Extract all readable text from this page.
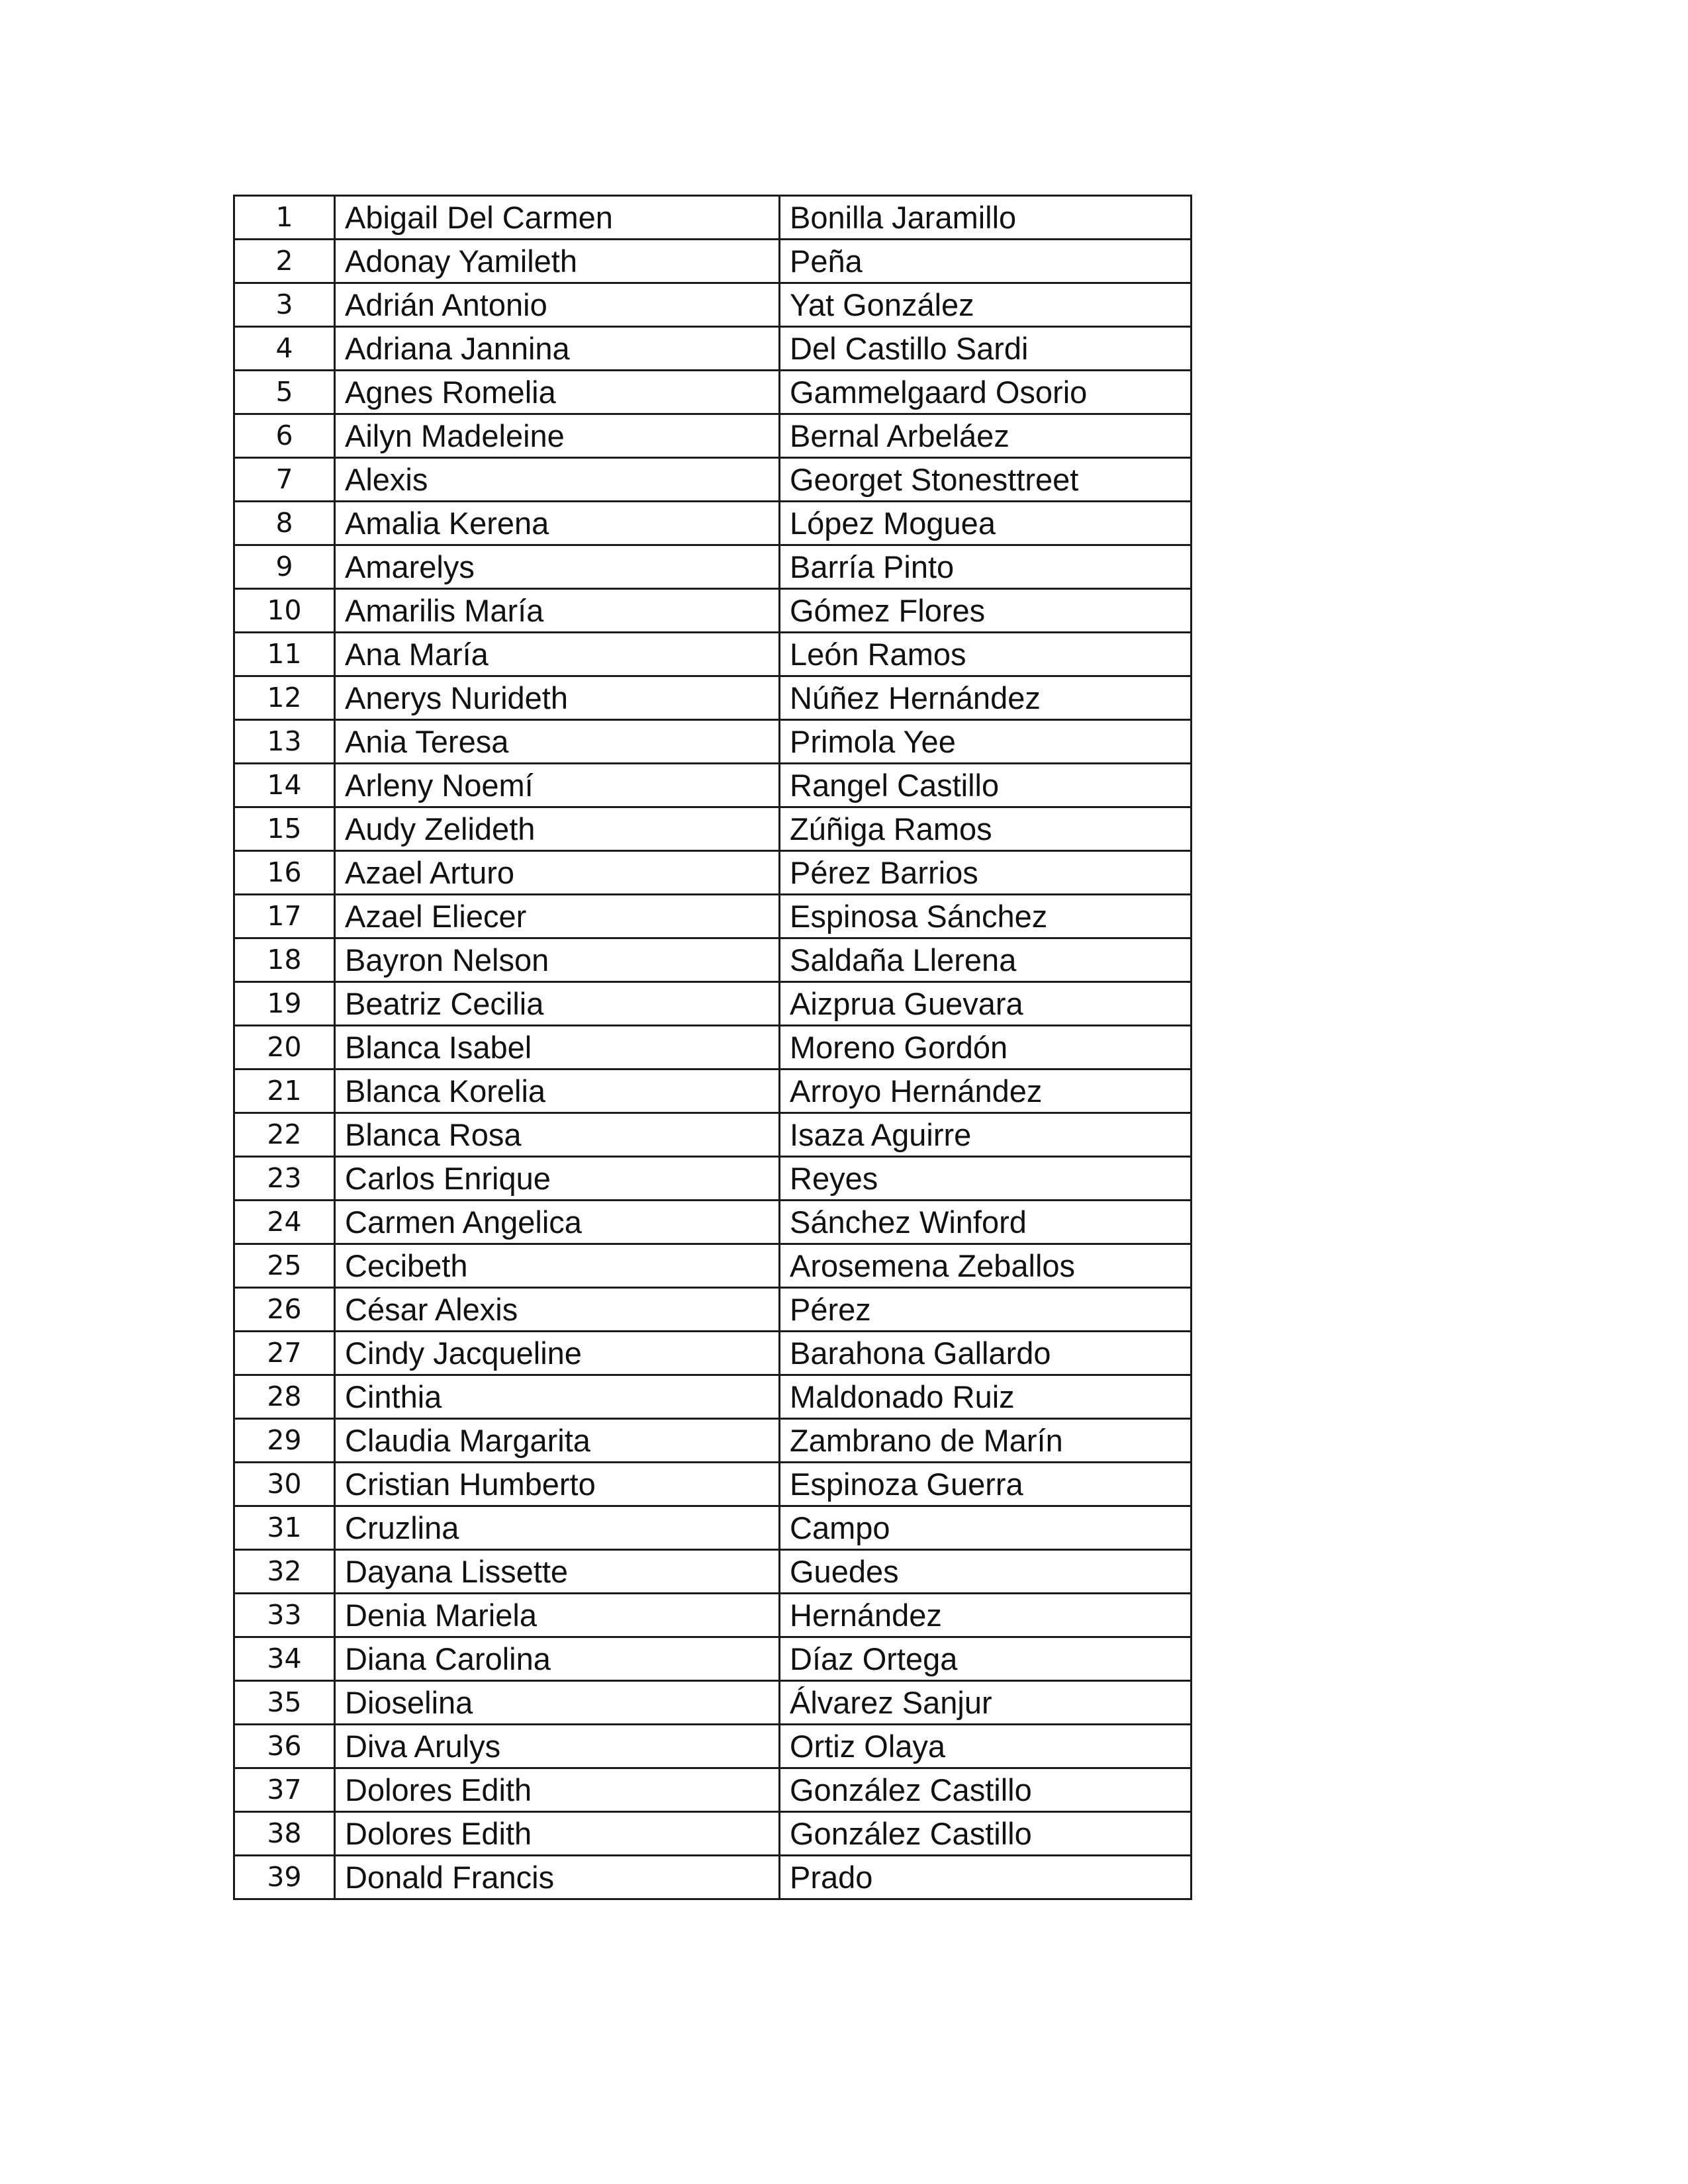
1	Abigail Del Carmen	Bonilla Jaramillo
2	Adonay Yamileth	Peña
3	Adrián Antonio	Yat González
4	Adriana Jannina	Del Castillo Sardi
5	Agnes Romelia	Gammelgaard Osorio
6	Ailyn Madeleine	Bernal Arbeláez
7	Alexis	Georget Stonesttreet
8	Amalia Kerena	López Moguea
9	Amarelys	Barría Pinto
10	Amarilis María	Gómez Flores
11	Ana María	León Ramos
12	Anerys Nurideth	Núñez Hernández
13	Ania Teresa	Primola Yee
14	Arleny Noemí	Rangel Castillo
15	Audy Zelideth	Zúñiga Ramos
16	Azael Arturo	Pérez Barrios
17	Azael Eliecer	Espinosa Sánchez
18	Bayron Nelson	Saldaña Llerena
19	Beatriz Cecilia	Aizprua Guevara
20	Blanca Isabel	Moreno Gordón
21	Blanca Korelia	Arroyo Hernández
22	Blanca Rosa	Isaza Aguirre
23	Carlos Enrique	Reyes
24	Carmen Angelica	Sánchez Winford
25	Cecibeth	Arosemena Zeballos
26	César Alexis	Pérez
27	Cindy Jacqueline	Barahona Gallardo
28	Cinthia	Maldonado Ruiz
29	Claudia Margarita	Zambrano de Marín
30	Cristian Humberto	Espinoza Guerra
31	Cruzlina	Campo
32	Dayana Lissette	Guedes
33	Denia Mariela	Hernández
34	Diana Carolina	Díaz Ortega
35	Dioselina	Álvarez Sanjur
36	Diva Arulys	Ortiz Olaya
37	Dolores Edith	González Castillo
38	Dolores Edith	González Castillo
39	Donald Francis	Prado
